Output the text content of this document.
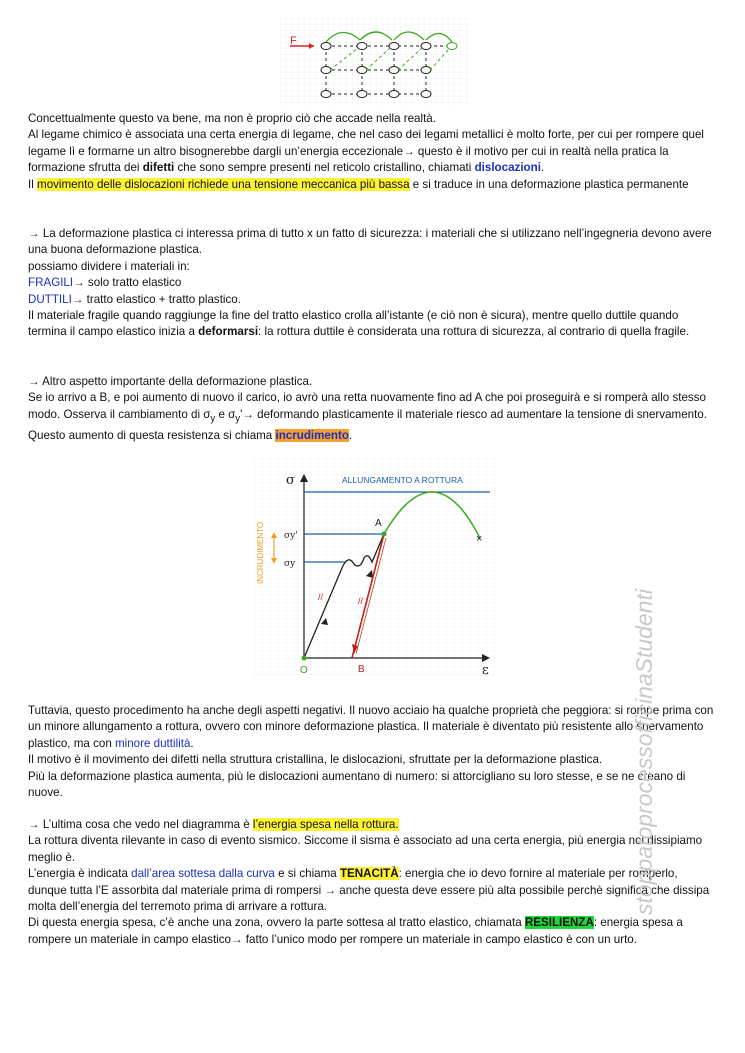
F

Concettualmente questo va bene, ma non è proprio ciò che accade nella realtà.

Al legame chimico è associata una certa energia di legame, che nel caso dei legami metallici è molto forte, per cui per rompere quel legame lì e formarne un altro bisognerebbe dargli un’energia eccezionale→ questo è il motivo per cui in realtà nella pratica la formazione sfrutta dei difetti che sono sempre presenti nel reticolo cristallino, chiamati dislocazioni.

Il movimento delle dislocazioni richiede una tensione meccanica più bassa e si traduce in una deformazione plastica permanente

→ La deformazione plastica ci interessa prima di tutto x un fatto di sicurezza: i materiali che si utilizzano nell’ingegneria devono avere una buona deformazione plastica.

possiamo dividere i materiali in:

FRAGILI→ solo tratto elastico

DUTTILI→ tratto elastico + tratto plastico.

Il materiale fragile quando raggiunge la fine del tratto elastico crolla all’istante (e ciò non è sicura), mentre quello duttile quando termina il campo elastico inizia a deformarsi: la rottura duttile è considerata una rottura di sicurezza, al contrario di quella fragile.

→ Altro aspetto importante della deformazione plastica.

Se io arrivo a B, e poi aumento di nuovo il carico, io avrò una retta nuovamente fino ad A che poi proseguirà e si romperà allo stesso modo. Osserva il cambiamento di $\sigma_y$ e $\sigma_y'\to$ deformando plasticamente il materiale riesco ad aumentare la tensione di snervamento. Questo aumento di questa resistenza si chiama incrudimento.

σ
ε
ALLUNGAMENTO A ROTTURA
σy'
σy
INCRUDIMENTO
//	//
A
B
O
×

Tuttavia, questo procedimento ha anche degli aspetti negativi. Il nuovo acciaio ha qualche proprietà che peggiora: si rompe prima con un minore allungamento a rottura, ovvero con minore deformazione plastica. Il materiale è diventato più resistente allo snervamento plastico, ma con minore duttilità.

Il motivo è il movimento dei difetti nella struttura cristallina, le dislocazioni, sfruttate per la deformazione plastica.

Più la deformazione plastica aumenta, più le dislocazioni aumentano di numero: si attorcigliano su loro stesse, e se ne creano di nuove.

→ L’ultima cosa che vedo nel diagramma è l’energia spesa nella rottura.

La rottura diventa rilevante in caso di evento sismico. Siccome il sisma è associato ad una certa energia, più energia noi dissipiamo meglio è.

L’energia è indicata dall’area sottesa dalla curva e si chiama TENACITÀ: energia che io devo fornire al materiale per romperlo, dunque tutta l’E assorbita dal materiale prima di rompersi → anche questa deve essere più alta possibile perchè significa che dissipa molta dell’energia del terremoto prima di arrivare a rottura.

Di questa energia spesa, c’è anche una zona, ovvero la parte sottesa al tratto elastico, chiamata RESILIENZA: energia spesa a rompere un materiale in campo elastico→ fatto l’unico modo per rompere un materiale in campo elastico è con un urto.

stoppatoprocessofficinaStudenti
